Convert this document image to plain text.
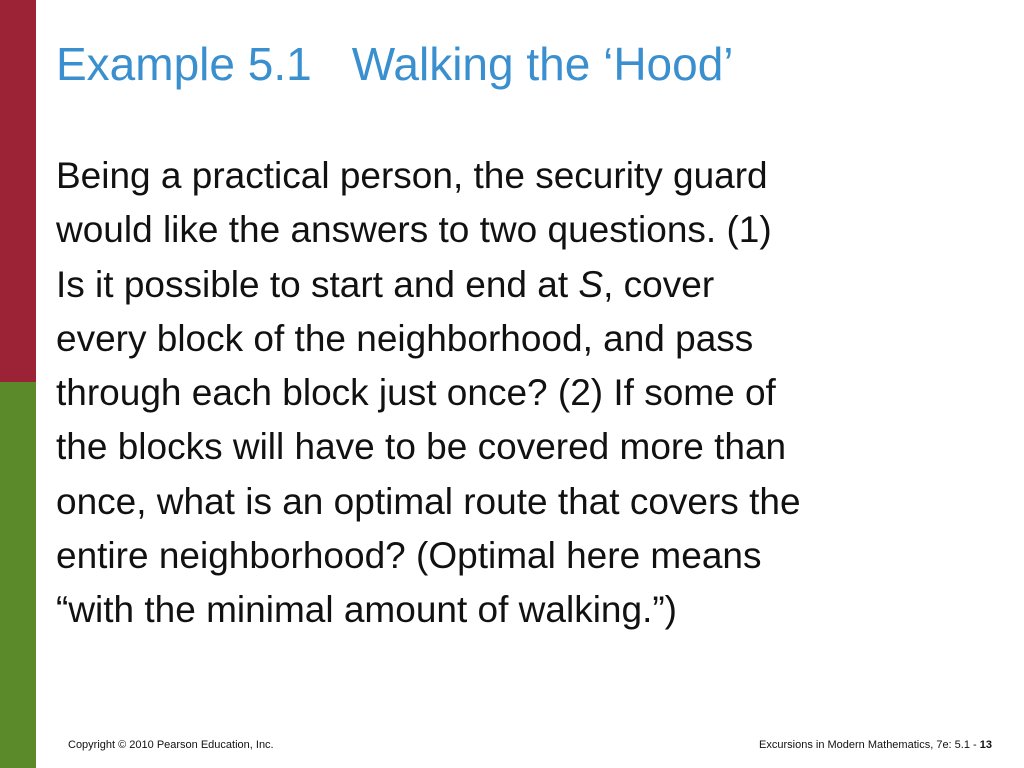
Example 5.1 Walking the ‘Hood’
Being a practical person, the security guard
would like the answers to two questions. (1)
Is it possible to start and end at S, cover
every block of the neighborhood, and pass
through each block just once? (2) If some of
the blocks will have to be covered more than
once, what is an optimal route that covers the
entire neighborhood? (Optimal here means
“with the minimal amount of walking.”)
Copyright © 2010 Pearson Education, Inc.	Excursions in Modern Mathematics, 7e: 5.1 - 13
